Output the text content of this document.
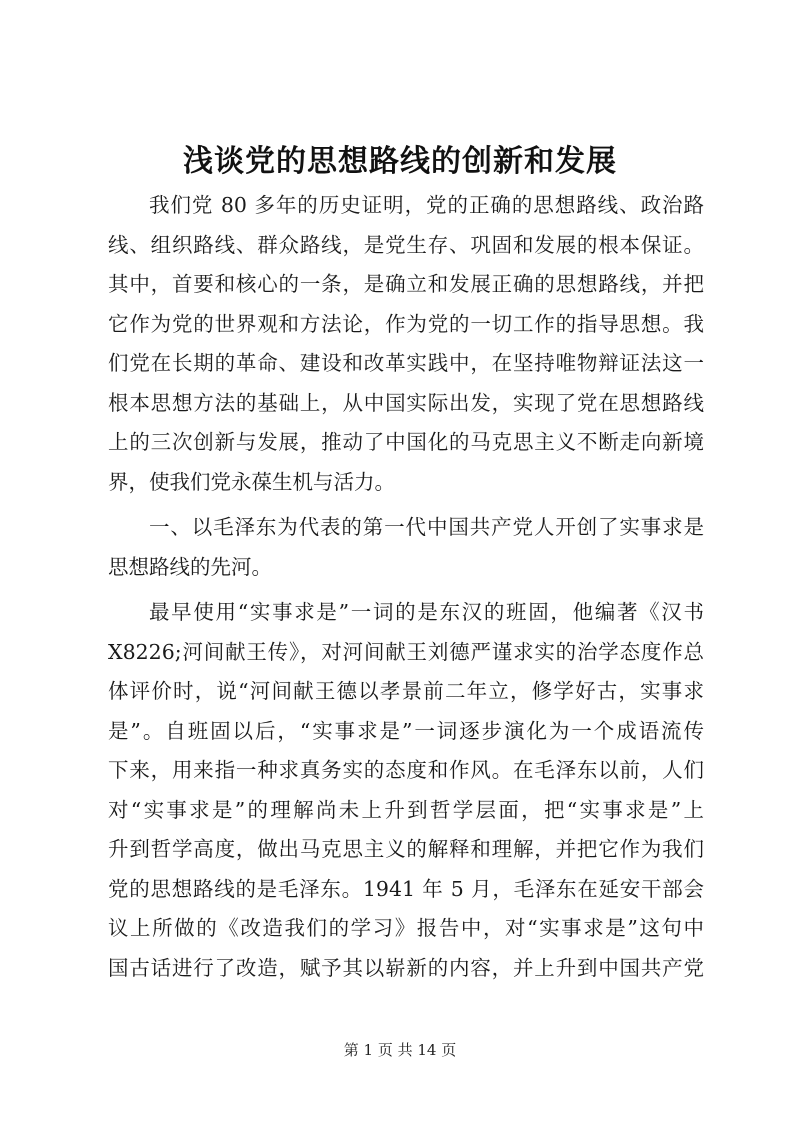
浅谈党的思想路线的创新和发展
我们党 80 多年的历史证明，党的正确的思想路线、政治路
线、组织路线、群众路线，是党生存、巩固和发展的根本保证。
其中，首要和核心的一条，是确立和发展正确的思想路线，并把
它作为党的世界观和方法论，作为党的一切工作的指导思想。我
们党在长期的革命、建设和改革实践中，在坚持唯物辩证法这一
根本思想方法的基础上，从中国实际出发，实现了党在思想路线
上的三次创新与发展，推动了中国化的马克思主义不断走向新境
界，使我们党永葆生机与活力。
一、以毛泽东为代表的第一代中国共产党人开创了实事求是
思想路线的先河。
最早使用“实事求是”一词的是东汉的班固，他编著《汉书
X8226;河间献王传》，对河间献王刘德严谨求实的治学态度作总
体评价时，说“河间献王德以孝景前二年立，修学好古，实事求
是”。自班固以后，“实事求是”一词逐步演化为一个成语流传
下来，用来指一种求真务实的态度和作风。在毛泽东以前，人们
对“实事求是”的理解尚未上升到哲学层面，把“实事求是”上
升到哲学高度，做出马克思主义的解释和理解，并把它作为我们
党的思想路线的是毛泽东。1941 年 5 月，毛泽东在延安干部会
议上所做的《改造我们的学习》报告中，对“实事求是”这句中
国古话进行了改造，赋予其以崭新的内容，并上升到中国共产党
第 1 页 共 14 页
